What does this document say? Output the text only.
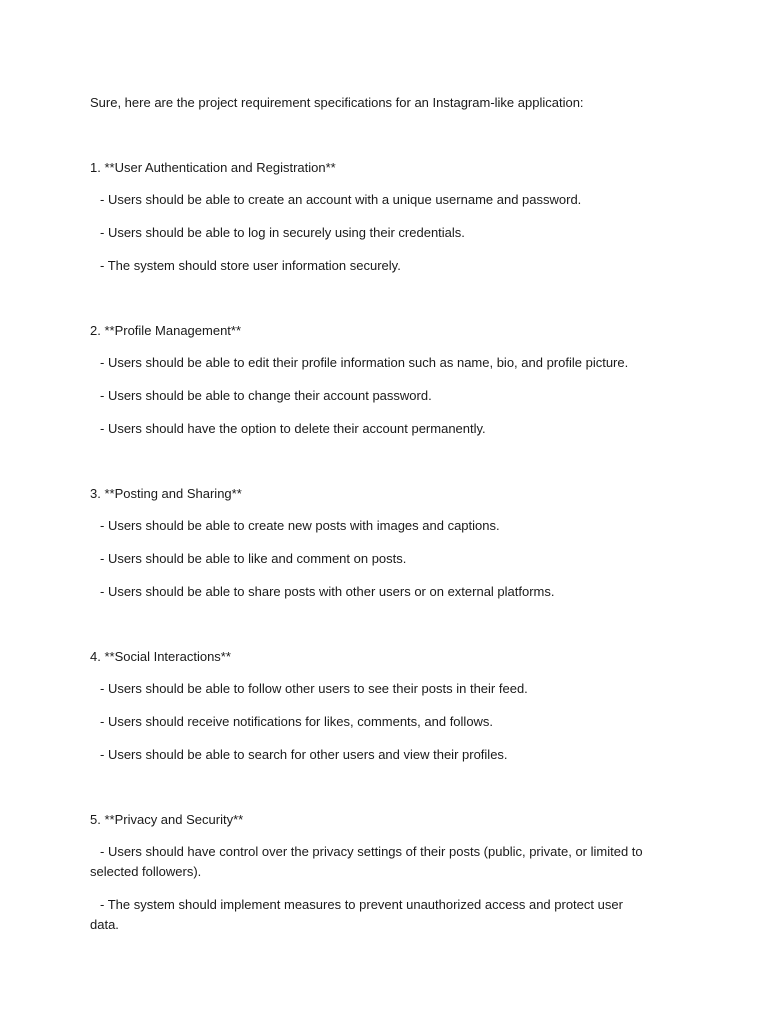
Sure, here are the project requirement specifications for an Instagram-like application:

1. **User Authentication and Registration**

- Users should be able to create an account with a unique username and password.

- Users should be able to log in securely using their credentials.

- The system should store user information securely.

2. **Profile Management**

- Users should be able to edit their profile information such as name, bio, and profile picture.

- Users should be able to change their account password.

- Users should have the option to delete their account permanently.

3. **Posting and Sharing**

- Users should be able to create new posts with images and captions.

- Users should be able to like and comment on posts.

- Users should be able to share posts with other users or on external platforms.

4. **Social Interactions**

- Users should be able to follow other users to see their posts in their feed.

- Users should receive notifications for likes, comments, and follows.

- Users should be able to search for other users and view their profiles.

5. **Privacy and Security**

- Users should have control over the privacy settings of their posts (public, private, or limited to selected followers).

- The system should implement measures to prevent unauthorized access and protect user data.
